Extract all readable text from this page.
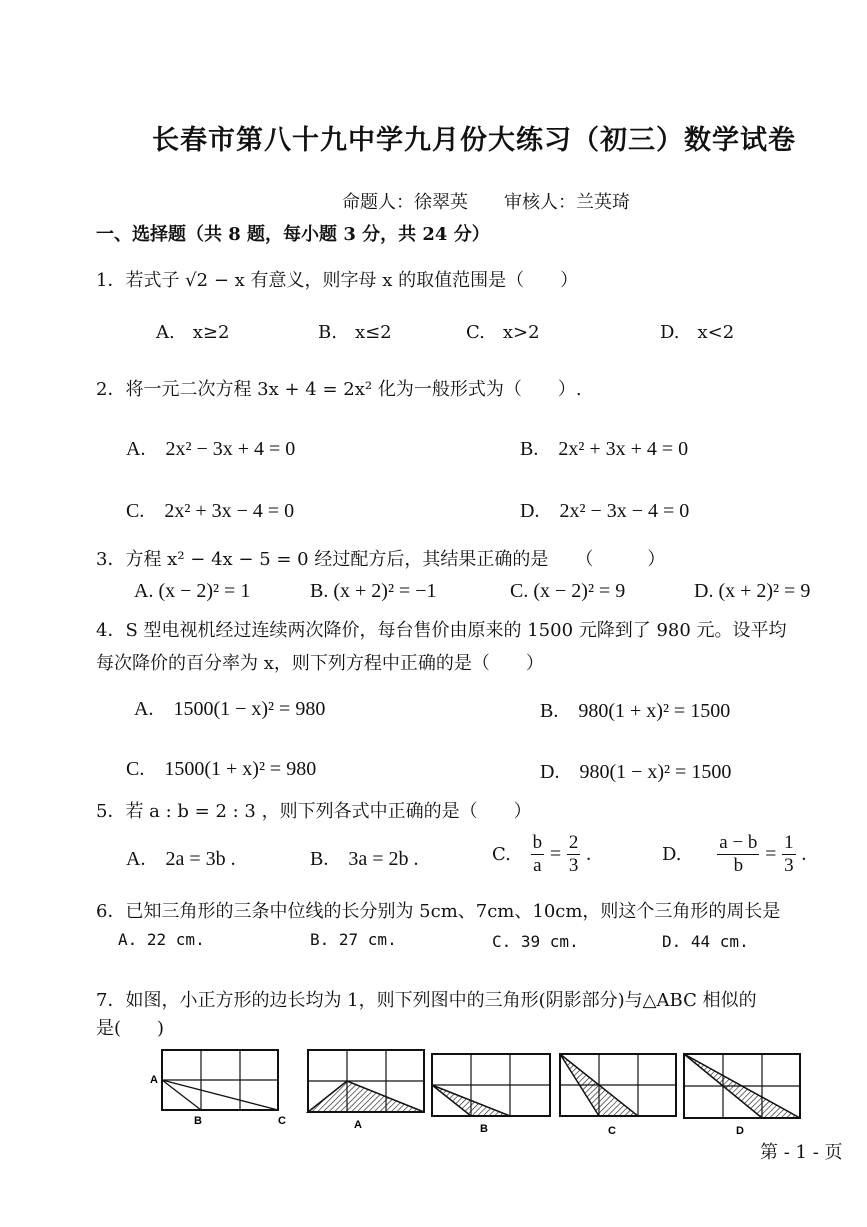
长春市第八十九中学九月份大练习（初三）数学试卷
命题人：徐翠英　　审核人：兰英琦
一、选择题（共 8 题，每小题 3 分，共 24 分）
1．若式子 √2 − x 有意义，则字母 x 的取值范围是（　　）
A.　x≥2	B.　x≤2	C.　x>2	D.　x<2
2．将一元二次方程 3x + 4 = 2x² 化为一般形式为（　　）.
A.　2x² − 3x + 4 = 0	B.　2x² + 3x + 4 = 0
C.　2x² + 3x − 4 = 0	D.　2x² − 3x − 4 = 0
3．方程 x² − 4x − 5 = 0 经过配方后，其结果正确的是　　（　　　）
A. (x − 2)² = 1	B. (x + 2)² = −1	C. (x − 2)² = 9	D. (x + 2)² = 9
4．S 型电视机经过连续两次降价，每台售价由原来的 1500 元降到了 980 元。设平均
每次降价的百分率为 x，则下列方程中正确的是（　　）
A.　1500(1 − x)² = 980	B.　980(1 + x)² = 1500
C.　1500(1 + x)² = 980	D.　980(1 − x)² = 1500
5．若 a : b = 2 : 3 ，则下列各式中正确的是（　　）
A.　2a = 3b .	B.　3a = 2b .	C. $\frac{b}{a} = \frac{2}{3}$ .	D. $\frac{a - b}{b} = \frac{1}{3}$ .
6．已知三角形的三条中位线的长分别为 5cm、7cm、10cm，则这个三角形的周长是
A. 22 cm.	B. 27 cm.	C. 39 cm.	D. 44 cm.
7．如图，小正方形的边长均为 1，则下列图中的三角形(阴影部分)与△ABC 相似的
是(　　)
A
B	C	A	B	C	D
第 - 1 - 页
